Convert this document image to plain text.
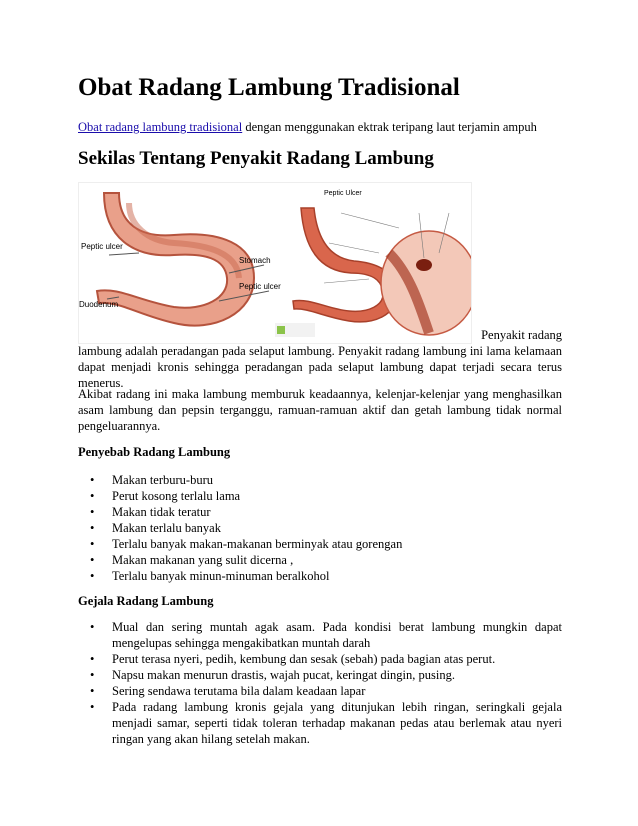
Obat Radang Lambung Tradisional
Obat radang lambung tradisional dengan menggunakan ektrak teripang laut terjamin ampuh
Sekilas Tentang Penyakit Radang Lambung
Peptic ulcer
Stomach
Peptic ulcer
Duodenum
Peptic Ulcer
Penyakit radang
lambung adalah peradangan pada selaput lambung. Penyakit radang lambung ini lama kelamaan dapat menjadi kronis sehingga peradangan pada selaput lambung dapat terjadi secara terus menerus.
Akibat radang ini maka lambung memburuk keadaannya, kelenjar-kelenjar yang menghasilkan asam lambung dan pepsin terganggu, ramuan-ramuan aktif dan getah lambung tidak normal pengeluarannya.
Penyebab Radang Lambung
• Makan terburu-buru
• Perut kosong terlalu lama
• Makan tidak teratur
• Makan terlalu banyak
• Terlalu banyak makan-makanan berminyak atau gorengan
• Makan makanan yang sulit dicerna ,
• Terlalu banyak minun-minuman beralkohol
Gejala Radang Lambung
• Mual dan sering muntah agak asam. Pada kondisi berat lambung mungkin dapat mengelupas sehingga mengakibatkan muntah darah
• Perut terasa nyeri, pedih, kembung dan sesak (sebah) pada bagian atas perut.
• Napsu makan menurun drastis, wajah pucat, keringat dingin, pusing.
• Sering sendawa terutama bila dalam keadaan lapar
• Pada radang lambung kronis gejala yang ditunjukan lebih ringan, seringkali gejala menjadi samar, seperti tidak toleran terhadap makanan pedas atau berlemak atau nyeri ringan yang akan hilang setelah makan.
